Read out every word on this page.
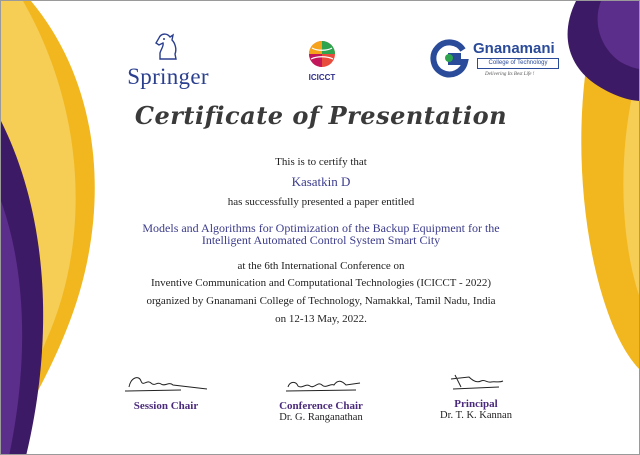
Springer	ICICCT
Gnanamani
College of Technology
Delivering Its Best Life !
Certificate of Presentation
This is to certify that
Kasatkin D
has successfully presented a paper entitled
Models and Algorithms for Optimization of the Backup Equipment for the
Intelligent Automated Control System Smart City
at the 6th International Conference on
Inventive Communication and Computational Technologies (ICICCT - 2022)
organized by Gnanamani College of Technology, Namakkal, Tamil Nadu, India
on 12-13 May, 2022.
Session Chair	Conference Chair
Dr. G. Ranganathan
Principal
Dr. T. K. Kannan
